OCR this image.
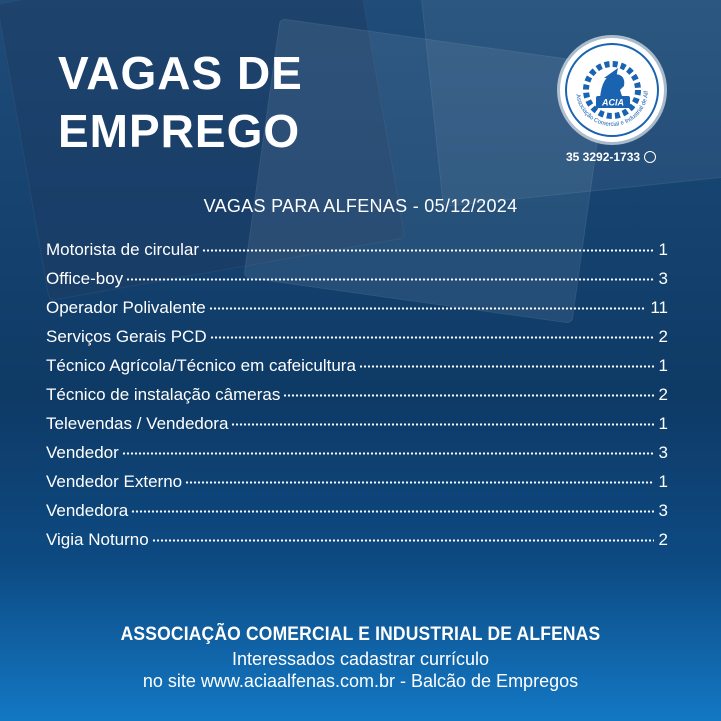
VAGAS DE
EMPREGO
ACIA
Associação Comercial e Industrial de Alf
35 3292-1733
VAGAS PARA ALFENAS - 05/12/2024
Motorista de circular	1
Office-boy	3
Operador Polivalente	11
Serviços Gerais PCD	2
Técnico Agrícola/Técnico em cafeicultura	1
Técnico de instalação câmeras	2
Televendas / Vendedora	1
Vendedor	3
Vendedor Externo	1
Vendedora	3
Vigia Noturno	2
ASSOCIAÇÃO COMERCIAL E INDUSTRIAL DE ALFENAS
Interessados cadastrar currículo
no site www.aciaalfenas.com.br - Balcão de Empregos
